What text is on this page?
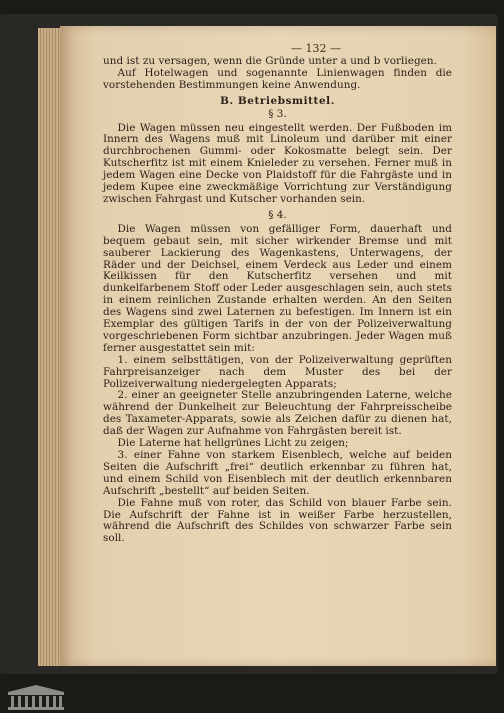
— 132 —

und ist zu versagen, wenn die Gründe unter a und b vorliegen.

Auf Hotelwagen und sogenannte Linienwagen finden die vorstehenden Bestimmungen keine Anwendung.

B. Betriebsmittel.

§ 3.

Die Wagen müssen neu eingestellt werden. Der Fußboden im Innern des Wagens muß mit Linoleum und darüber mit einer durchbrochenen Gummi- oder Kokosmatte belegt sein. Der Kutscherfitz ist mit einem Knieleder zu versehen. Ferner muß in jedem Wagen eine Decke von Plaidstoff für die Fahrgäste und in jedem Kupee eine zweckmäßige Vorrichtung zur Verständigung zwischen Fahrgast und Kutscher vorhanden sein.

§ 4.

Die Wagen müssen von gefälliger Form, dauerhaft und bequem gebaut sein, mit sicher wirkender Bremse und mit sauberer Lackierung des Wagenkastens, Unterwagens, der Räder und der Deichsel, einem Verdeck aus Leder und einem Keilkissen für den Kutscherfitz versehen und mit dunkelfarbenem Stoff oder Leder ausgeschlagen sein, auch stets in einem reinlichen Zustande erhalten werden. An den Seiten des Wagens sind zwei Laternen zu befestigen. Im Innern ist ein Exemplar des gültigen Tarifs in der von der Polizeiverwaltung vorgeschriebenen Form sichtbar anzubringen. Jeder Wagen muß ferner ausgestattet sein mit:

1. einem selbsttätigen, von der Polizeiverwaltung geprüften Fahrpreisanzeiger nach dem Muster des bei der Polizeiverwaltung niedergelegten Apparats;

2. einer an geeigneter Stelle anzubringenden Laterne, welche während der Dunkelheit zur Beleuchtung der Fahrpreisscheibe des Taxameter-Apparats, sowie als Zeichen dafür zu dienen hat, daß der Wagen zur Aufnahme von Fahrgästen bereit ist.

Die Laterne hat hellgrünes Licht zu zeigen;

3. einer Fahne von starkem Eisenblech, welche auf beiden Seiten die Aufschrift „frei“ deutlich erkennbar zu führen hat, und einem Schild von Eisenblech mit der deutlich erkennbaren Aufschrift „bestellt“ auf beiden Seiten.

Die Fahne muß von roter, das Schild von blauer Farbe sein. Die Aufschrift der Fahne ist in weißer Farbe herzustellen, während die Aufschrift des Schildes von schwarzer Farbe sein soll.
